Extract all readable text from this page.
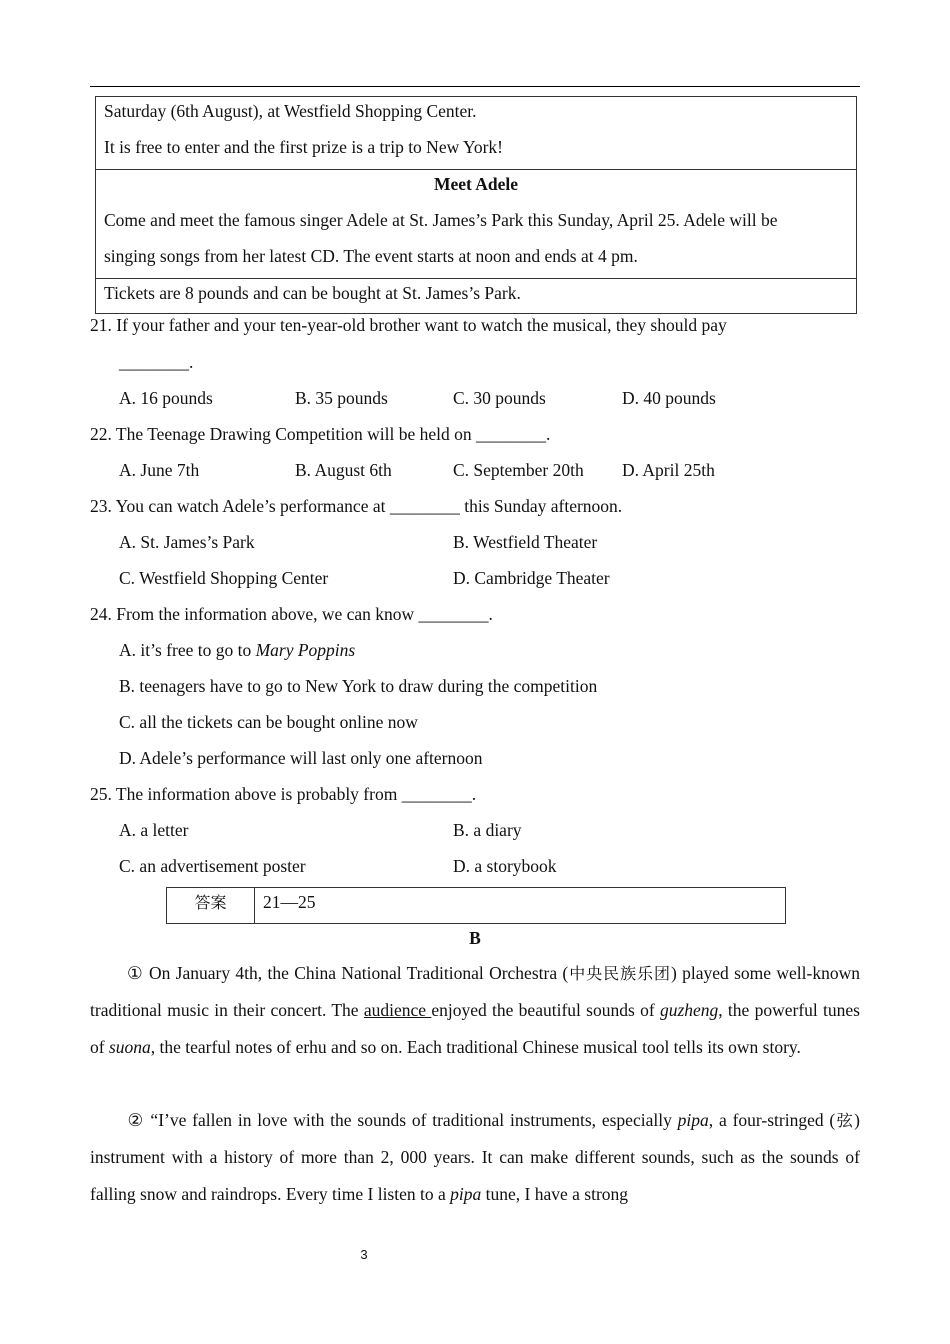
Saturday (6th August), at Westfield Shopping Center.
It is free to enter and the first prize is a trip to New York!
Meet Adele
Come and meet the famous singer Adele at St. James’s Park this Sunday, April 25. Adele will be
singing songs from her latest CD. The event starts at noon and ends at 4 pm.
Tickets are 8 pounds and can be bought at St. James’s Park.
21. If your father and your ten-year-old brother want to watch the musical, they should pay
________.
A. 16 pounds	B. 35 pounds	C. 30 pounds	D. 40 pounds
22. The Teenage Drawing Competition will be held on ________.
A. June 7th	B. August 6th	C. September 20th D. April 25th
23. You can watch Adele’s performance at ________ this Sunday afternoon.
A. St. James’s Park	B. Westfield Theater
C. Westfield Shopping Center	D. Cambridge Theater
24. From the information above, we can know ________.
A. it’s free to go to Mary Poppins
B. teenagers have to go to New York to draw during the competition
C. all the tickets can be bought online now
D. Adele’s performance will last only one afternoon
25. The information above is probably from ________.
A. a letter	B. a diary
C. an advertisement poster	D. a storybook
答案	21—25
B
① On January 4th, the China National Traditional Orchestra (中央民族乐团) played some well-known traditional music in their concert. The audience enjoyed the beautiful sounds of guzheng, the powerful tunes of suona, the tearful notes of erhu and so on. Each traditional Chinese musical tool tells its own story.
② “I’ve fallen in love with the sounds of traditional instruments, especially pipa, a four-stringed (弦) instrument with a history of more than 2, 000 years. It can make different sounds, such as the sounds of falling snow and raindrops. Every time I listen to a pipa tune, I have a strong
3
